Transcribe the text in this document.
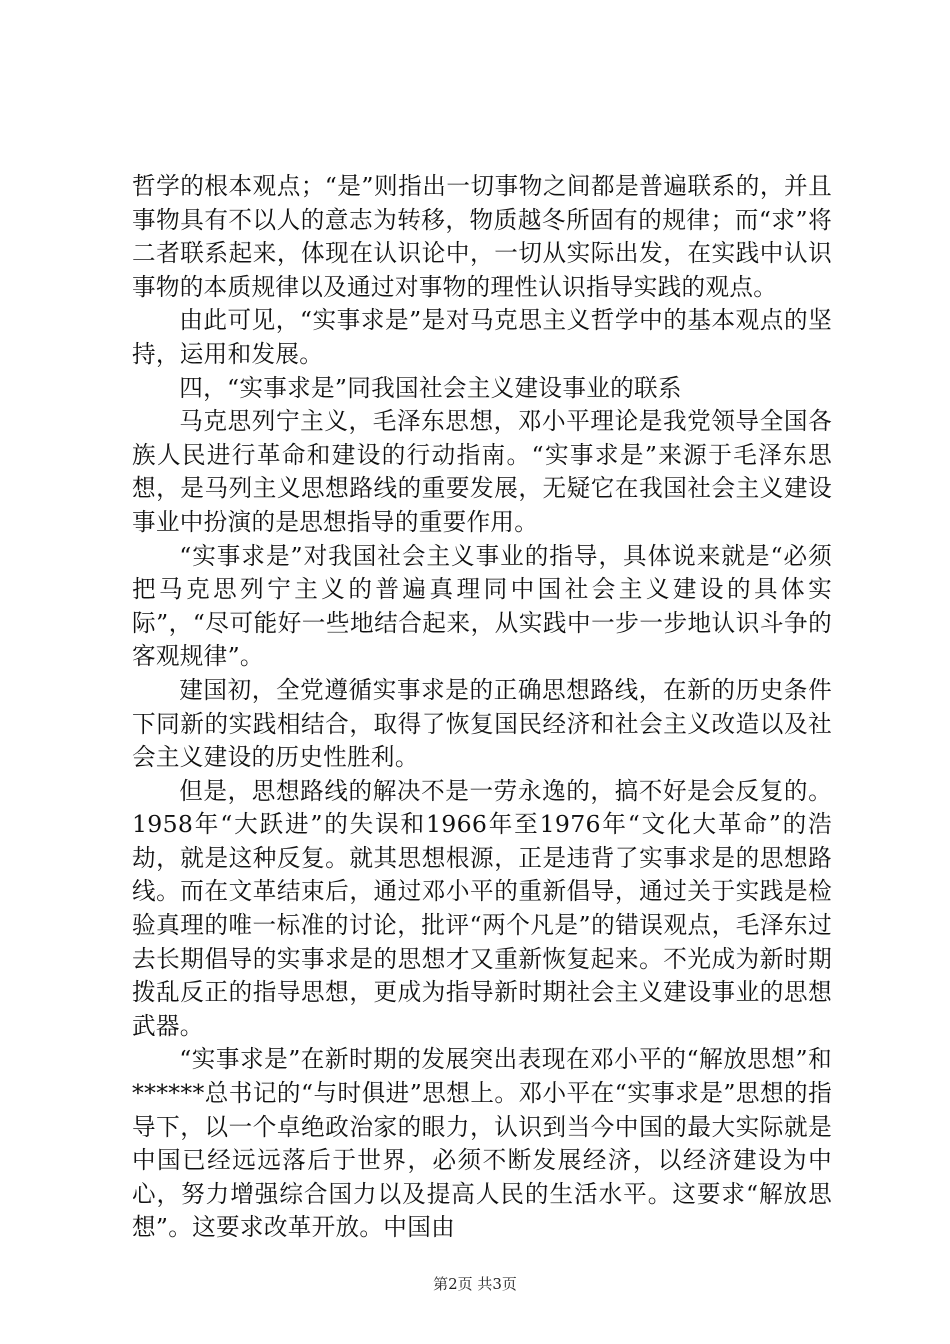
哲学的根本观点；“是”则指出一切事物之间都是普遍联系的，并且事物具有不以人的意志为转移，物质越冬所固有的规律；而“求”将二者联系起来，体现在认识论中，一切从实际出发，在实践中认识事物的本质规律以及通过对事物的理性认识指导实践的观点。

由此可见，“实事求是”是对马克思主义哲学中的基本观点的坚持，运用和发展。

四，“实事求是”同我国社会主义建设事业的联系

马克思列宁主义，毛泽东思想，邓小平理论是我党领导全国各族人民进行革命和建设的行动指南。“实事求是”来源于毛泽东思想，是马列主义思想路线的重要发展，无疑它在我国社会主义建设事业中扮演的是思想指导的重要作用。

“实事求是”对我国社会主义事业的指导，具体说来就是“必须把马克思列宁主义的普遍真理同中国社会主义建设的具体实际”，“尽可能好一些地结合起来，从实践中一步一步地认识斗争的客观规律”。

建国初，全党遵循实事求是的正确思想路线，在新的历史条件下同新的实践相结合，取得了恢复国民经济和社会主义改造以及社会主义建设的历史性胜利。

但是，思想路线的解决不是一劳永逸的，搞不好是会反复的。1958年“大跃进”的失误和1966年至1976年“文化大革命”的浩劫，就是这种反复。就其思想根源，正是违背了实事求是的思想路线。而在文革结束后，通过邓小平的重新倡导，通过关于实践是检验真理的唯一标准的讨论，批评“两个凡是”的错误观点，毛泽东过去长期倡导的实事求是的思想才又重新恢复起来。不光成为新时期拨乱反正的指导思想，更成为指导新时期社会主义建设事业的思想武器。

“实事求是”在新时期的发展突出表现在邓小平的“解放思想”和******总书记的“与时俱进”思想上。邓小平在“实事求是”思想的指导下，以一个卓绝政治家的眼力，认识到当今中国的最大实际就是中国已经远远落后于世界，必须不断发展经济，以经济建设为中心，努力增强综合国力以及提高人民的生活水平。这要求“解放思想”。这要求改革开放。中国由

第2页 共3页
